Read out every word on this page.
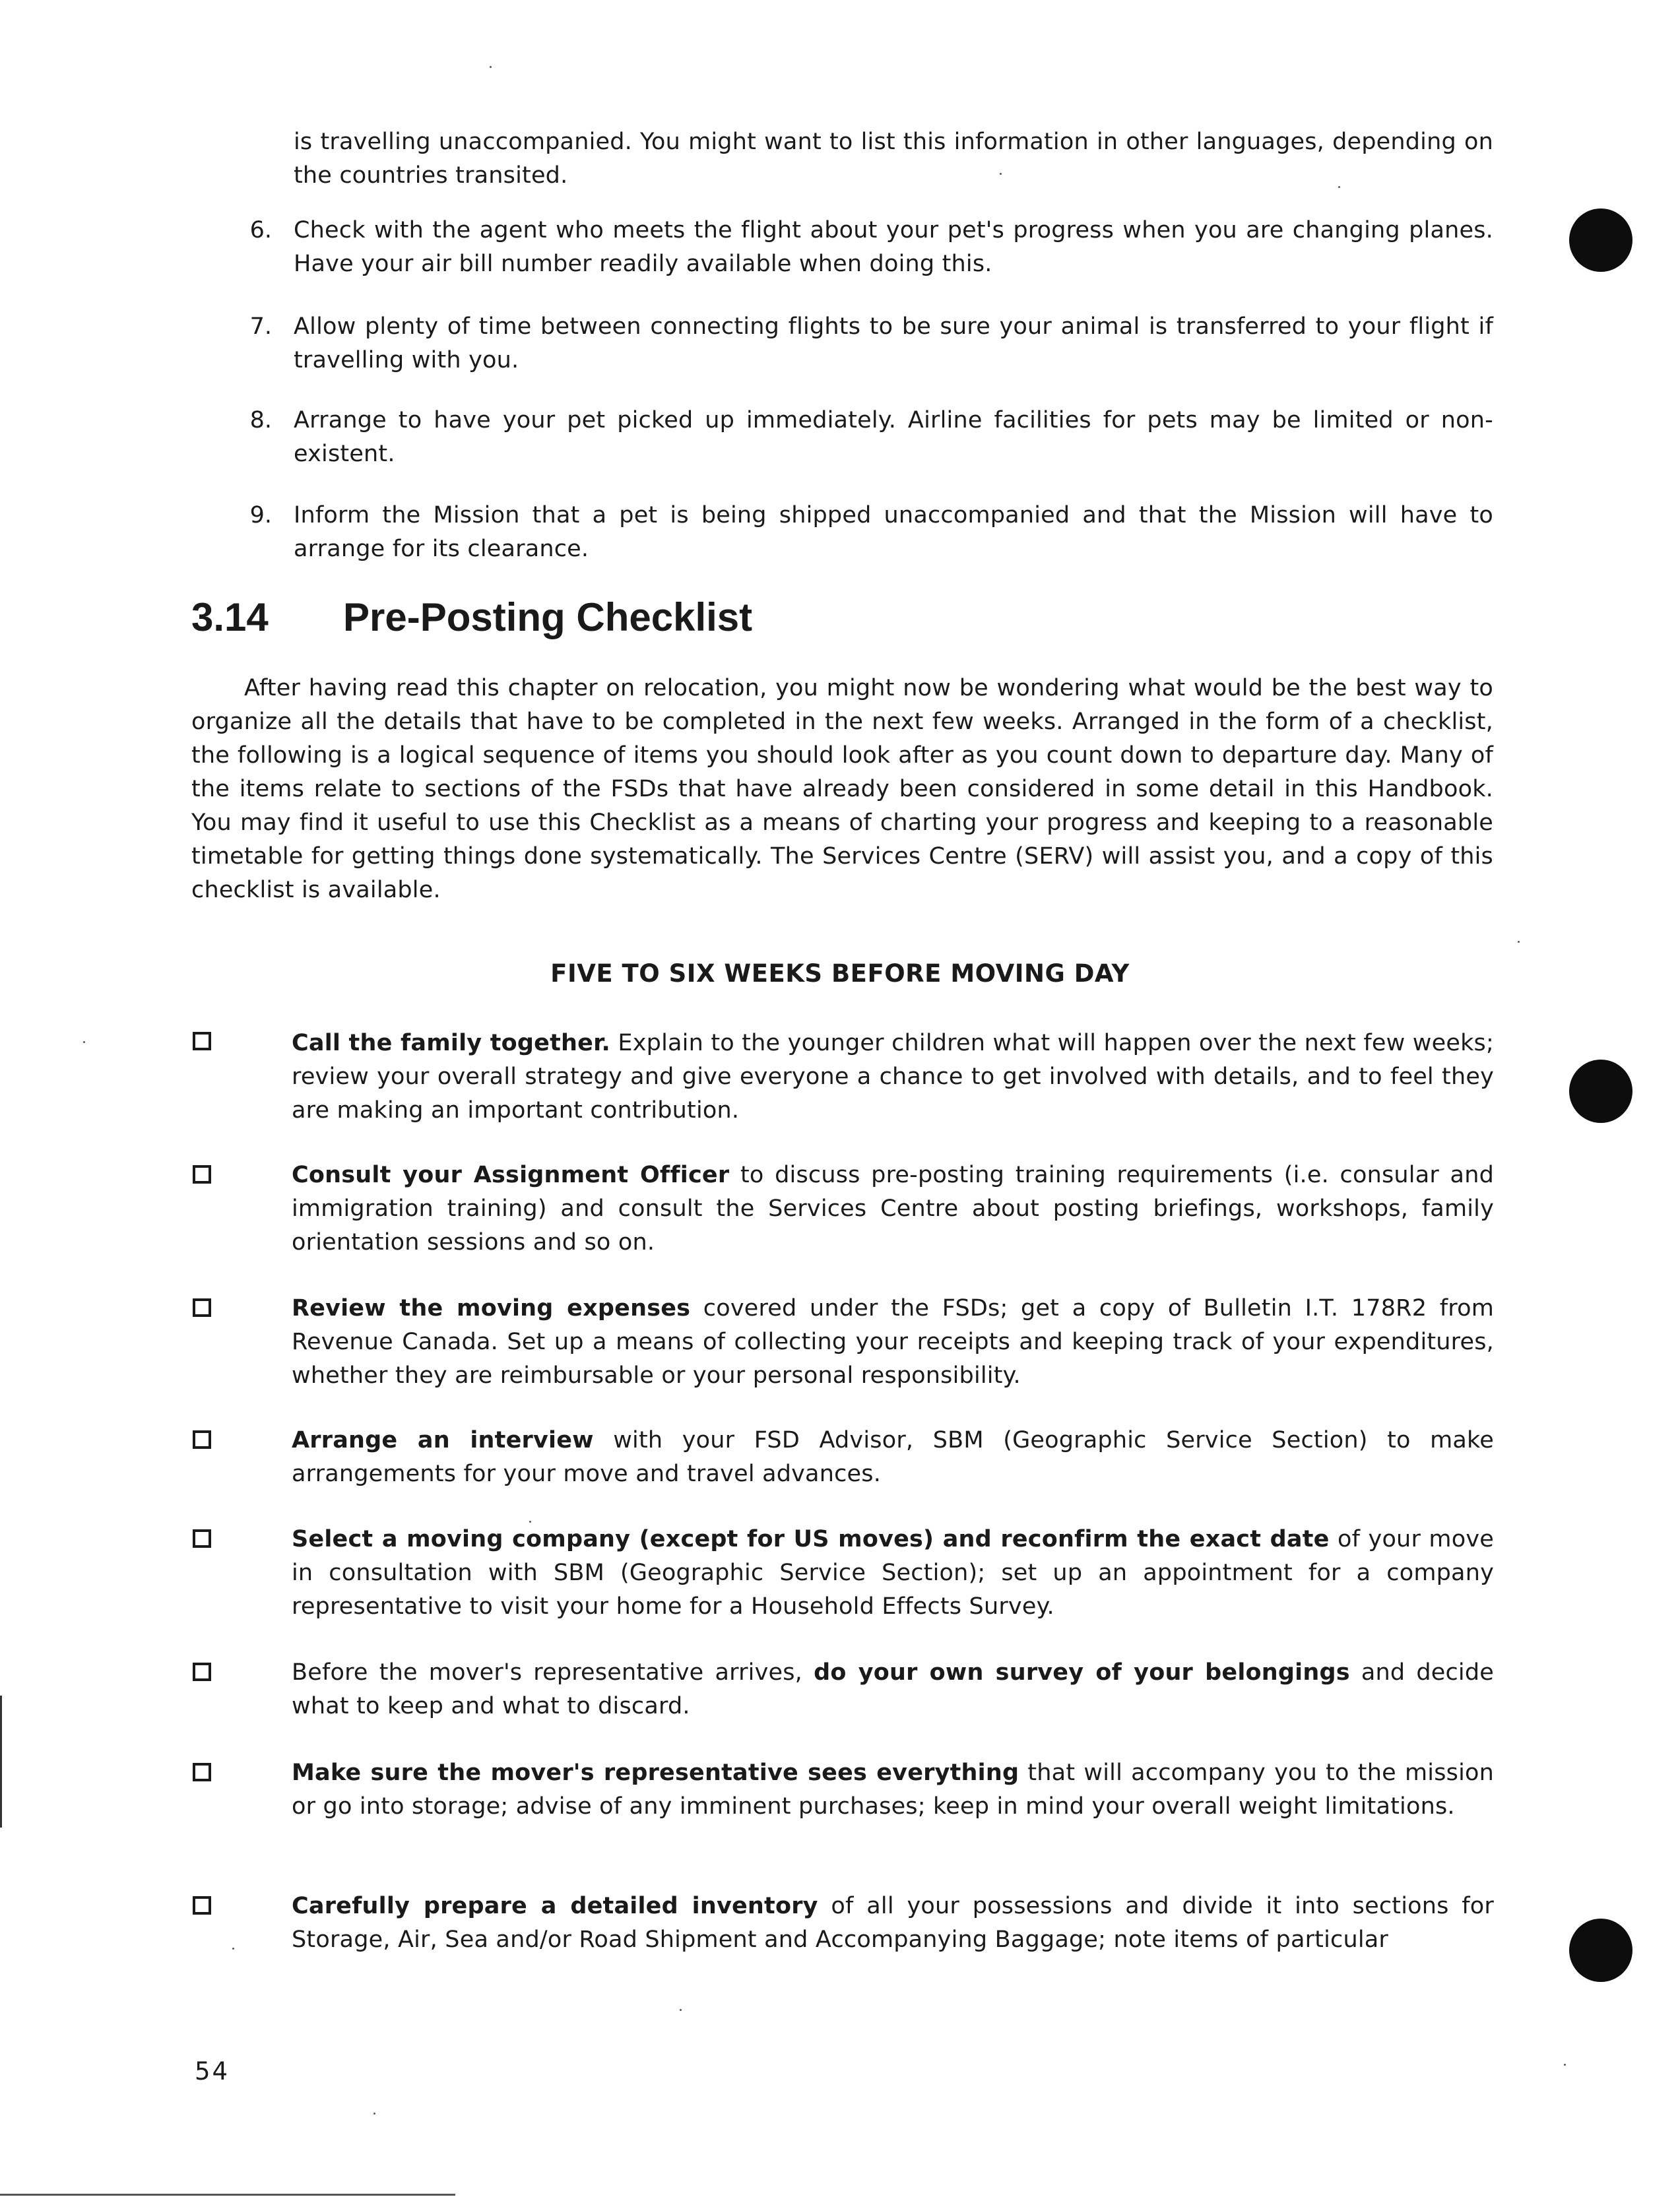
is travelling unaccompanied. You might want to list this information in other languages, depending on the countries transited.
6. Check with the agent who meets the flight about your pet's progress when you are changing planes. Have your air bill number readily available when doing this.
7. Allow plenty of time between connecting flights to be sure your animal is transferred to your flight if travelling with you.
8. Arrange to have your pet picked up immediately. Airline facilities for pets may be limited or non-existent.
9. Inform the Mission that a pet is being shipped unaccompanied and that the Mission will have to arrange for its clearance.
3.14 Pre-Posting Checklist
After having read this chapter on relocation, you might now be wondering what would be the best way to organize all the details that have to be completed in the next few weeks. Arranged in the form of a checklist, the following is a logical sequence of items you should look after as you count down to departure day. Many of the items relate to sections of the FSDs that have already been considered in some detail in this Handbook. You may find it useful to use this Checklist as a means of charting your progress and keeping to a reasonable timetable for getting things done systematically. The Services Centre (SERV) will assist you, and a copy of this checklist is available.
FIVE TO SIX WEEKS BEFORE MOVING DAY
Call the family together. Explain to the younger children what will happen over the next few weeks; review your overall strategy and give everyone a chance to get involved with details, and to feel they are making an important contribution.
Consult your Assignment Officer to discuss pre-posting training requirements (i.e. consular and immigration training) and consult the Services Centre about posting briefings, workshops, family orientation sessions and so on.
Review the moving expenses covered under the FSDs; get a copy of Bulletin I.T. 178R2 from Revenue Canada. Set up a means of collecting your receipts and keeping track of your expenditures, whether they are reimbursable or your personal responsibility.
Arrange an interview with your FSD Advisor, SBM (Geographic Service Section) to make arrangements for your move and travel advances.
Select a moving company (except for US moves) and reconfirm the exact date of your move in consultation with SBM (Geographic Service Section); set up an appointment for a company representative to visit your home for a Household Effects Survey.
Before the mover's representative arrives, do your own survey of your belongings and decide what to keep and what to discard.
Make sure the mover's representative sees everything that will accompany you to the mission or go into storage; advise of any imminent purchases; keep in mind your overall weight limitations.
Carefully prepare a detailed inventory of all your possessions and divide it into sections for Storage, Air, Sea and/or Road Shipment and Accompanying Baggage; note items of particular
54
